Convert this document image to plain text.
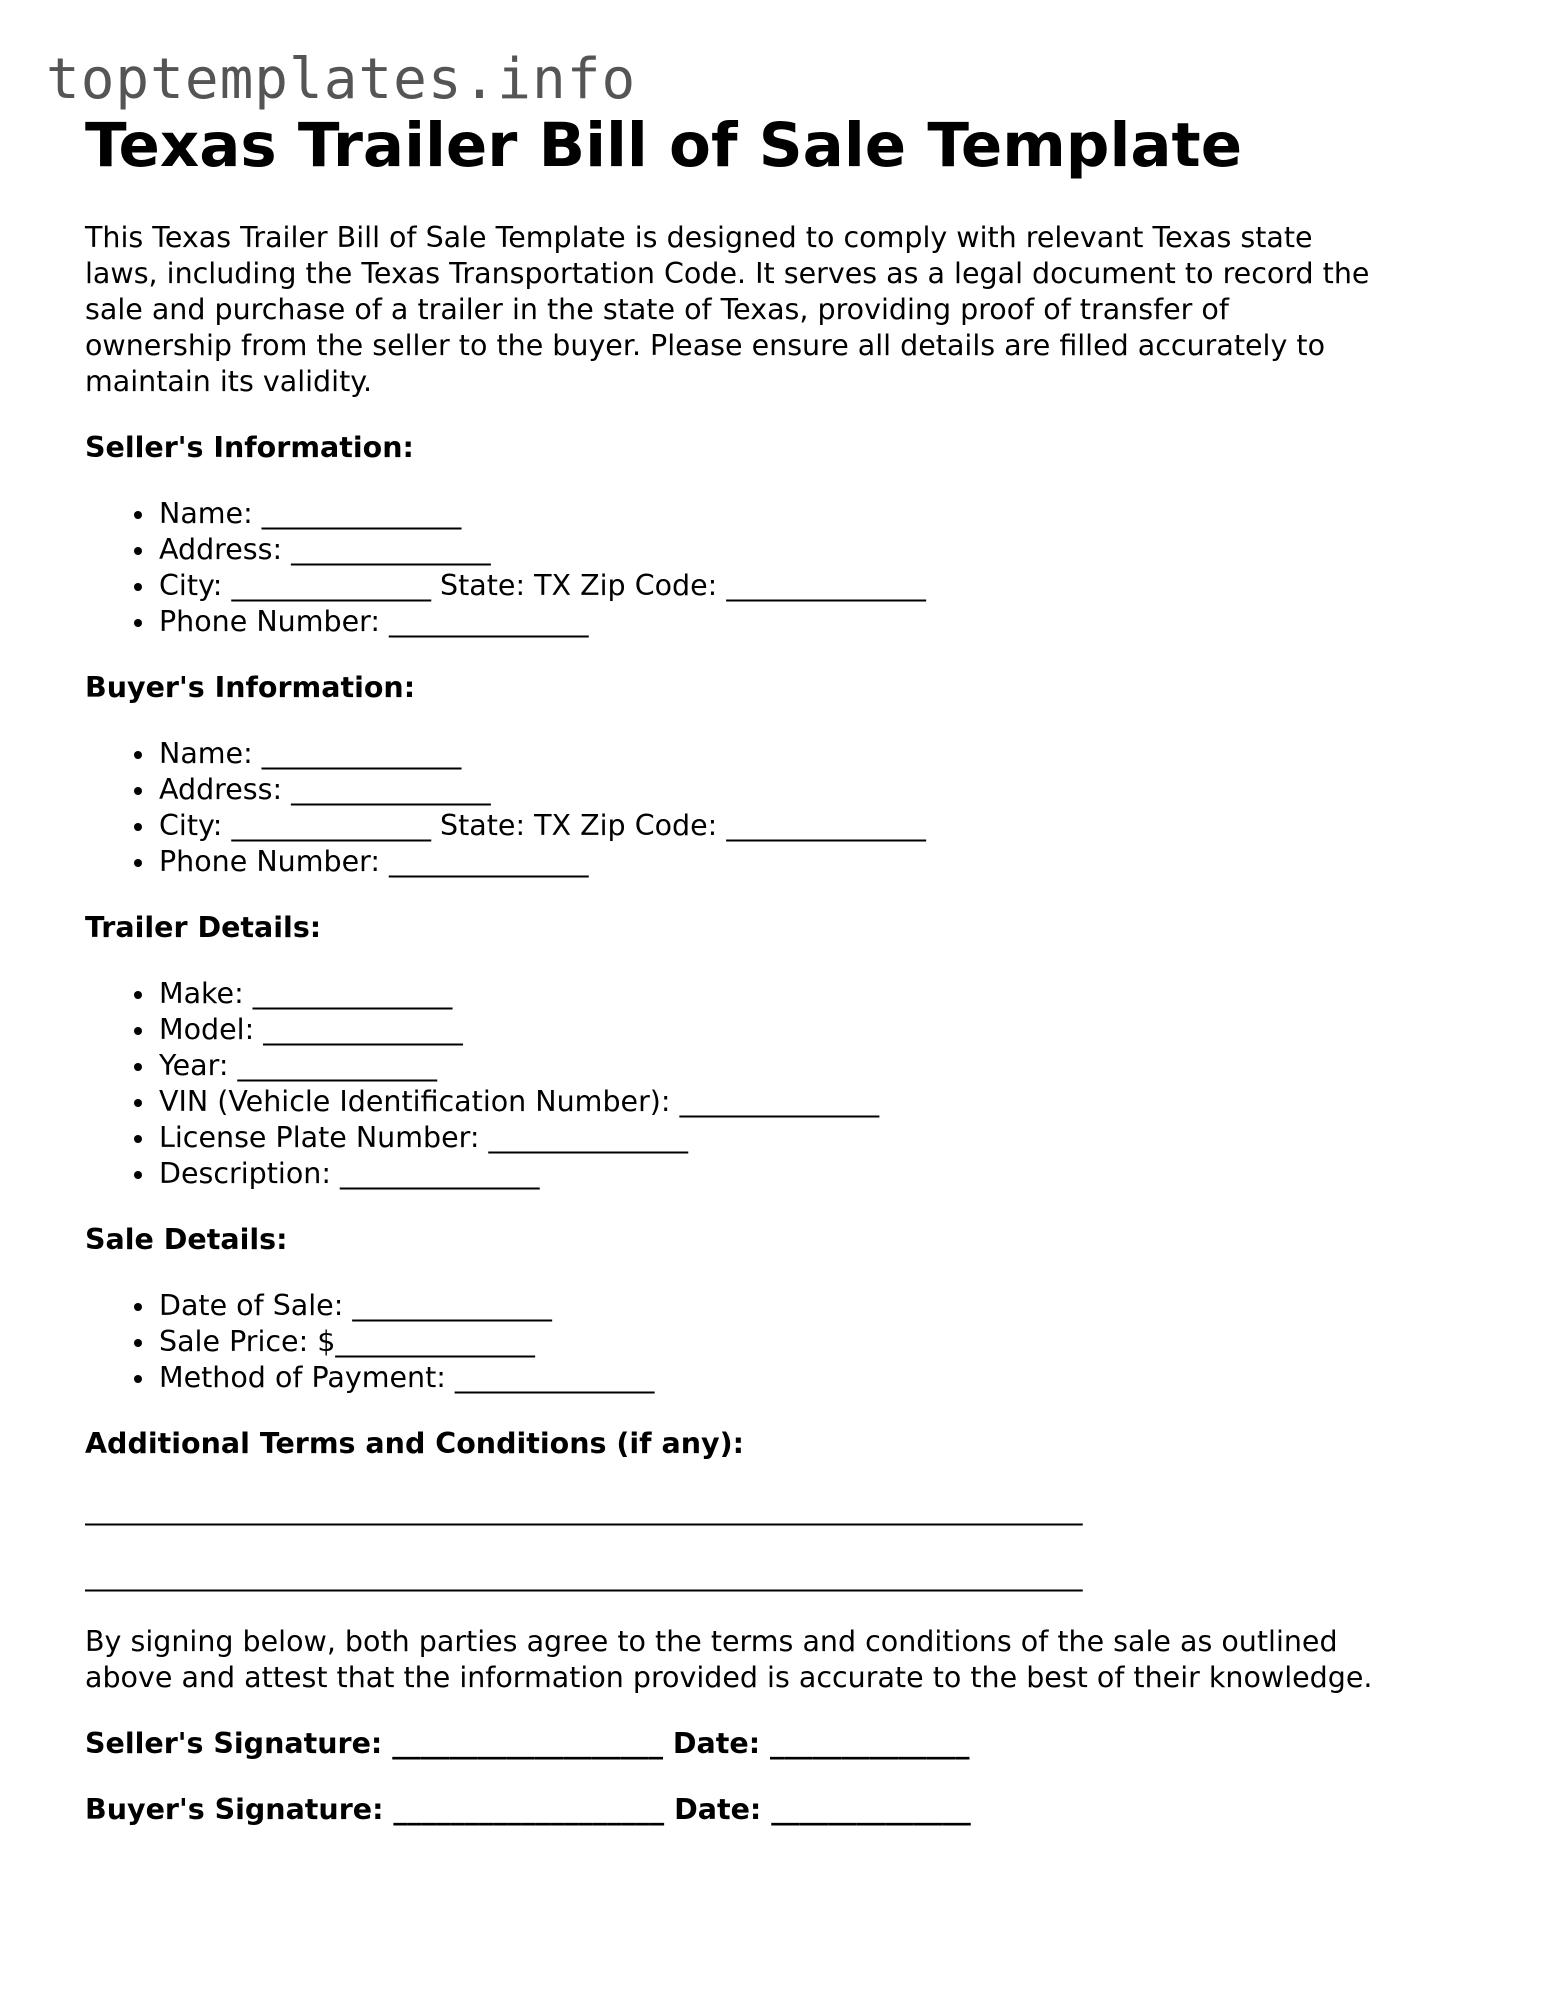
toptemplates.info
Texas Trailer Bill of Sale Template
This Texas Trailer Bill of Sale Template is designed to comply with relevant Texas state
laws, including the Texas Transportation Code. It serves as a legal document to record the
sale and purchase of a trailer in the state of Texas, providing proof of transfer of
ownership from the seller to the buyer. Please ensure all details are filled accurately to
maintain its validity.
Seller's Information:
Name: ______________
Address: ______________
City: ______________ State: TX Zip Code: ______________
Phone Number: ______________
Buyer's Information:
Name: ______________
Address: ______________
City: ______________ State: TX Zip Code: ______________
Phone Number: ______________
Trailer Details:
Make: ______________
Model: ______________
Year: ______________
VIN (Vehicle Identification Number): ______________
License Plate Number: ______________
Description: ______________
Sale Details:
Date of Sale: ______________
Sale Price: $______________
Method of Payment: ______________
Additional Terms and Conditions (if any):
______________________________________________________________________
______________________________________________________________________
By signing below, both parties agree to the terms and conditions of the sale as outlined
above and attest that the information provided is accurate to the best of their knowledge.
Seller's Signature: ___________________ Date: ______________
Buyer's Signature: ___________________ Date: ______________
